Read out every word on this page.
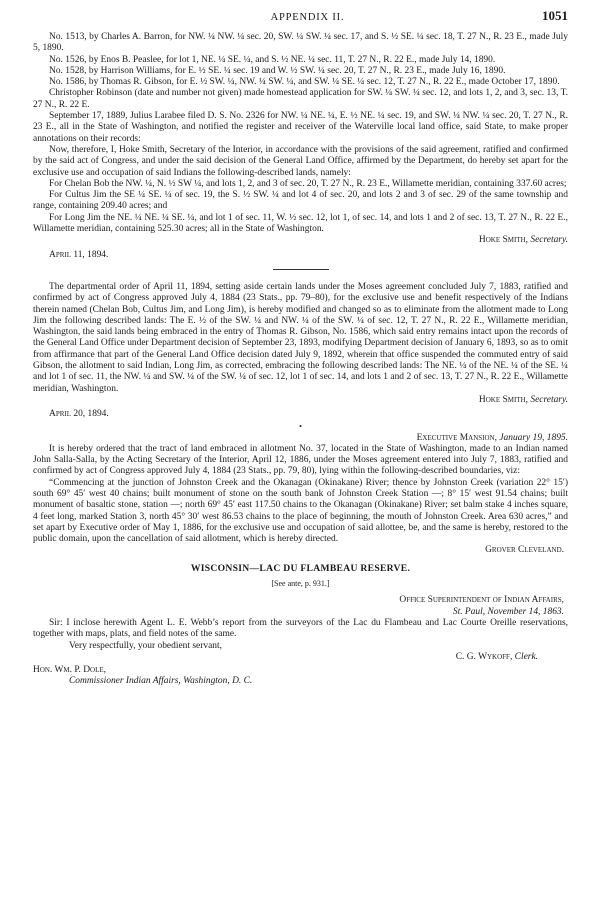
APPENDIX II.	1051

No. 1513, by Charles A. Barron, for NW. ¼ NW. ¼ sec. 20, SW. ¼ SW. ¼ sec. 17, and S. ½ SE. ¼ sec. 18, T. 27 N., R. 23 E., made July 5, 1890.

No. 1526, by Enos B. Peaslee, for lot 1, NE. ¼ SE. ¼, and S. ½ NE. ¼ sec. 11, T. 27 N., R. 22 E., made July 14, 1890.

No. 1528, by Harrison Williams, for E. ½ SE. ¼ sec. 19 and W. ½ SW. ¼ sec. 20, T. 27 N., R. 23 E., made July 16, 1890.

No. 1586, by Thomas R. Gibson, for E. ½ SW. ¼, NW. ¼ SW. ¼, and SW. ¼ SE. ¼ sec. 12, T. 27 N., R. 22 E., made October 17, 1890.

Christopher Robinson (date and number not given) made homestead application for SW. ¼ SW. ¼ sec. 12, and lots 1, 2, and 3, sec. 13, T. 27 N., R. 22 E.

September 17, 1889, Julius Larabee filed D. S. No. 2326 for NW. ¼ NE. ¼, E. ½ NE. ¼ sec. 19, and SW. ¼ NW. ¼ sec. 20, T. 27 N., R. 23 E., all in the State of Washington, and notified the register and receiver of the Waterville local land office, said State, to make proper annotations on their records:

Now, therefore, I, Hoke Smith, Secretary of the Interior, in accordance with the provisions of the said agreement, ratified and confirmed by the said act of Congress, and under the said decision of the General Land Office, affirmed by the Department, do hereby set apart for the exclusive use and occupation of said Indians the following-described lands, namely:

For Chelan Bob the NW. ¼, N. ½ SW ¼, and lots 1, 2, and 3 of sec. 20, T. 27 N., R. 23 E., Willamette meridian, containing 337.60 acres;

For Cultus Jim the SE ¼ SE. ¼ of sec. 19, the S. ½ SW. ¼ and lot 4 of sec. 20, and lots 2 and 3 of sec. 29 of the same township and range, containing 209.40 acres; and

For Long Jim the NE. ¼ NE. ¼ SE. ¼, and lot 1 of sec. 11, W. ½ sec. 12, lot 1, of sec. 14, and lots 1 and 2 of sec. 13, T. 27 N., R. 22 E., Willamette meridian, containing 525.30 acres; all in the State of Washington.

Hoke Smith, Secretary.

April 11, 1894.

The departmental order of April 11, 1894, setting aside certain lands under the Moses agreement concluded July 7, 1883, ratified and confirmed by act of Congress approved July 4, 1884 (23 Stats., pp. 79–80), for the exclusive use and benefit respectively of the Indians therein named (Chelan Bob, Cultus Jim, and Long Jim), is hereby modified and changed so as to eliminate from the allotment made to Long Jim the following described lands: The E. ½ of the SW. ¼ and NW. ¼ of the SW. ¼ of sec. 12, T. 27 N., R. 22 E., Willamette meridian, Washington, the said lands being embraced in the entry of Thomas R. Gibson, No. 1586, which said entry remains intact upon the records of the General Land Office under Department decision of September 23, 1893, modifying Department decision of January 6, 1893, so as to omit from affirmance that part of the General Land Office decision dated July 9, 1892, wherein that office suspended the commuted entry of said Gibson, the allotment to said Indian, Long Jim, as corrected, embracing the following described lands: The NE. ¼ of the NE. ¼ of the SE. ¼ and lot 1 of sec. 11, the NW. ¼ and SW. ¼ of the SW. ¼ of sec. 12, lot 1 of sec. 14, and lots 1 and 2 of sec. 13, T. 27 N., R. 22 E., Willamette meridian, Washington.

Hoke Smith, Secretary.

April 20, 1894.

•

Executive Mansion, January 19, 1895.

It is hereby ordered that the tract of land embraced in allotment No. 37, located in the State of Washington, made to an Indian named John Salla-Salla, by the Acting Secretary of the Interior, April 12, 1886, under the Moses agreement entered into July 7, 1883, ratified and confirmed by act of Congress approved July 4, 1884 (23 Stats., pp. 79, 80), lying within the following-described boundaries, viz:

“Commencing at the junction of Johnston Creek and the Okanagan (Okinakane) River; thence by Johnston Creek (variation 22° 15′) south 69° 45′ west 40 chains; built monument of stone on the south bank of Johnston Creek Station —; 8° 15′ west 91.54 chains; built monument of basaltic stone, station —; north 69° 45′ east 117.50 chains to the Okanagan (Okinakane) River; set balm stake 4 inches square, 4 feet long, marked Station 3, north 45° 30′ west 86.53 chains to the place of beginning, the mouth of Johnston Creek. Area 630 acres,” and set apart by Executive order of May 1, 1886, for the exclusive use and occupation of said allottee, be, and the same is hereby, restored to the public domain, upon the cancellation of said allotment, which is hereby directed.

Grover Cleveland.

WISCONSIN—LAC DU FLAMBEAU RESERVE.

[See ante, p. 931.]

Office Superintendent of Indian Affairs,

St. Paul, November 14, 1863.

Sir: I inclose herewith Agent L. E. Webb’s report from the surveyors of the Lac du Flambeau and Lac Courte Oreille reservations, together with maps, plats, and field notes of the same.

Very respectfully, your obedient servant,

C. G. Wykoff, Clerk.

Hon. Wm. P. Dole,

Commissioner Indian Affairs, Washington, D. C.
